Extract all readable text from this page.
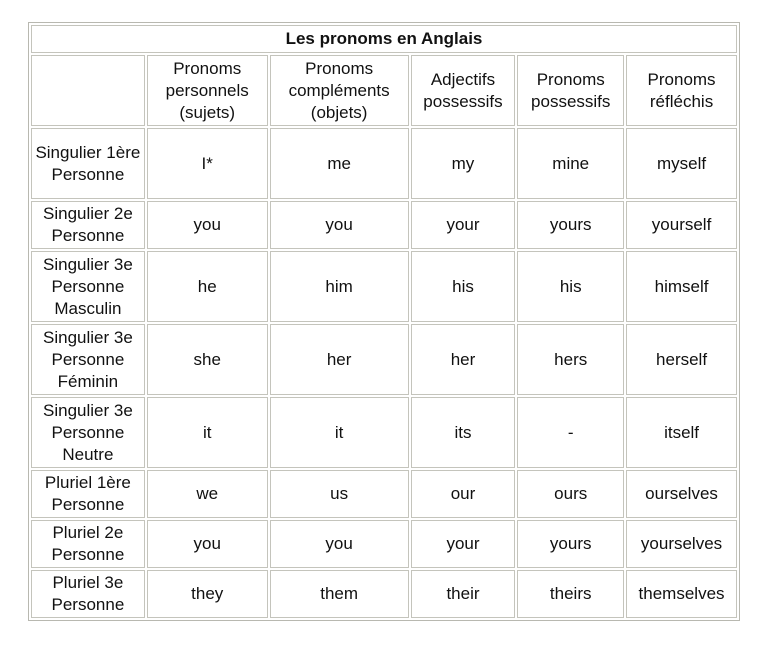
Les pronoms en Anglais					
	Pronoms personnels (sujets)	Pronoms compléments (objets)	Adjectifs possessifs	Pronoms possessifs	Pronoms réfléchis
Singulier 1ère Personne	I*	me	my	mine	myself
Singulier 2e Personne	you	you	your	yours	yourself
Singulier 3e Personne Masculin	he	him	his	his	himself
Singulier 3e Personne Féminin	she	her	her	hers	herself
Singulier 3e Personne Neutre	it	it	its	-	itself
Pluriel 1ère Personne	we	us	our	ours	ourselves
Pluriel 2e Personne	you	you	your	yours	yourselves
Pluriel 3e Personne	they	them	their	theirs	themselves
